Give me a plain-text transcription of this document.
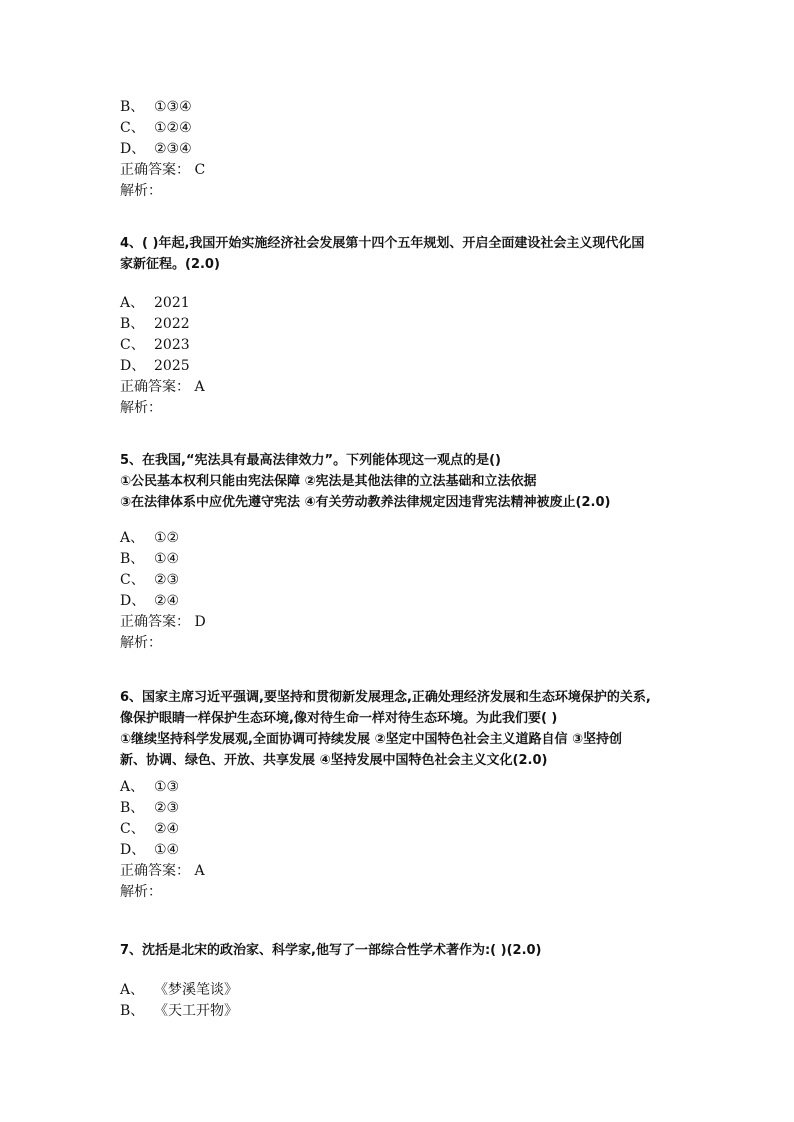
B、 ①③④
C、 ①②④
D、 ②③④
正确答案： C
解析：
4、( )年起,我国开始实施经济社会发展第十四个五年规划、开启全面建设社会主义现代化国
家新征程。(2.0)
A、 2021
B、 2022
C、 2023
D、 2025
正确答案： A
解析：
5、在我国,“宪法具有最高法律效力”。下列能体现这一观点的是()
①公民基本权利只能由宪法保障 ②宪法是其他法律的立法基础和立法依据
③在法律体系中应优先遵守宪法 ④有关劳动教养法律规定因违背宪法精神被废止(2.0)
A、 ①②
B、 ①④
C、 ②③
D、 ②④
正确答案： D
解析：
6、国家主席习近平强调,要坚持和贯彻新发展理念,正确处理经济发展和生态环境保护的关系,
像保护眼睛一样保护生态环境,像对待生命一样对待生态环境。为此我们要( )
①继续坚持科学发展观,全面协调可持续发展 ②坚定中国特色社会主义道路自信 ③坚持创
新、协调、绿色、开放、共享发展 ④坚持发展中国特色社会主义文化(2.0)
A、 ①③
B、 ②③
C、 ②④
D、 ①④
正确答案： A
解析：
7、沈括是北宋的政治家、科学家,他写了一部综合性学术著作为:( )(2.0)
A、 《梦溪笔谈》
B、 《天工开物》
